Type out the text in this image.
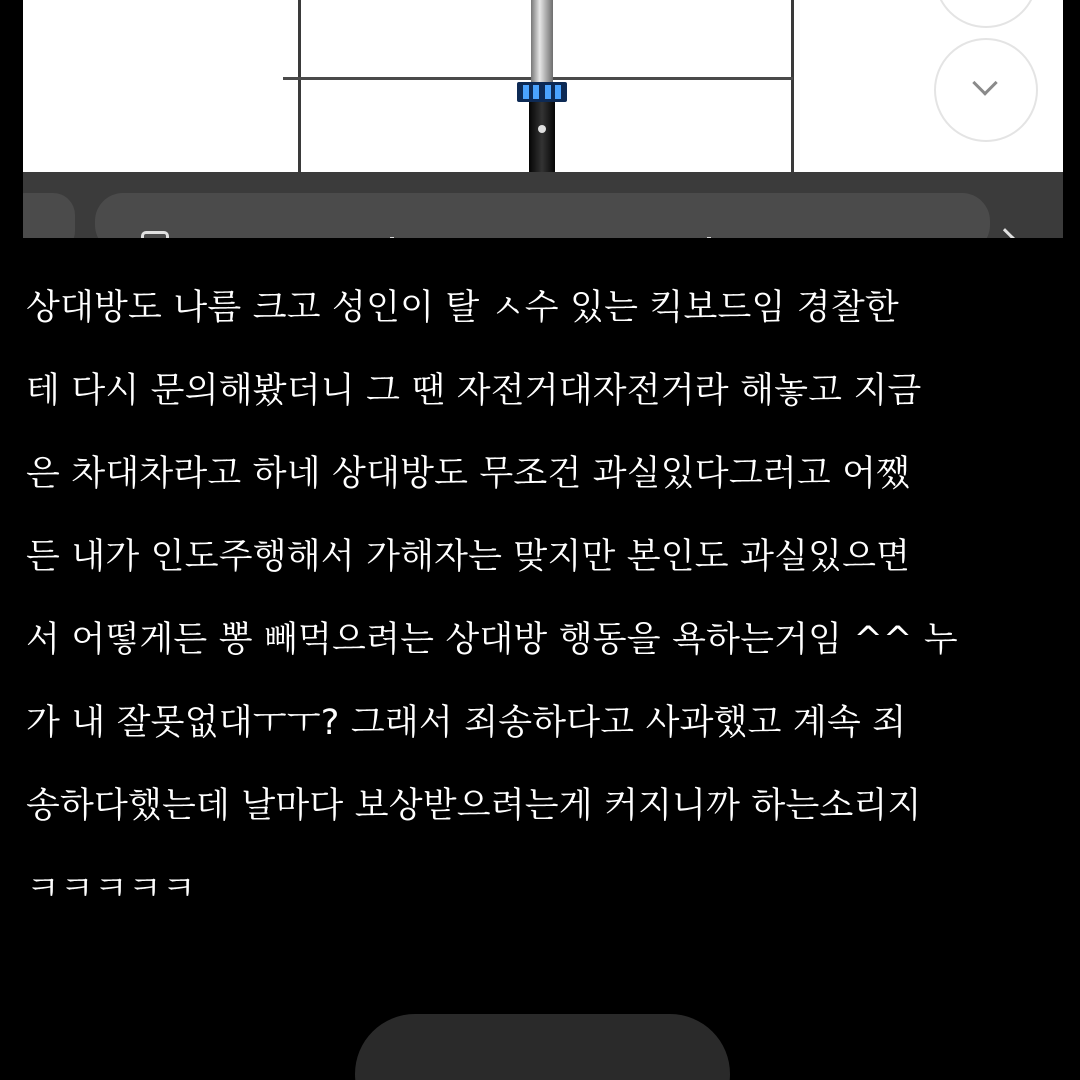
상대방도 나름 크고 성인이 탈 ㅅ수 있는 킥보드임 경찰한
테 다시 문의해봤더니 그 땐 자전거대자전거라 해놓고 지금
은 차대차라고 하네 상대방도 무조건 과실있다그러고 어쨌
든 내가 인도주행해서 가해자는 맞지만 본인도 과실있으면
서 어떻게든 뽕 빼먹으려는 상대방 행동을 욕하는거임 ^^ 누
가 내 잘못없대ㅜㅜ? 그래서 죄송하다고 사과했고 계속 죄
송하다했는데 날마다 보상받으려는게 커지니까 하는소리지
ㅋㅋㅋㅋㅋ
